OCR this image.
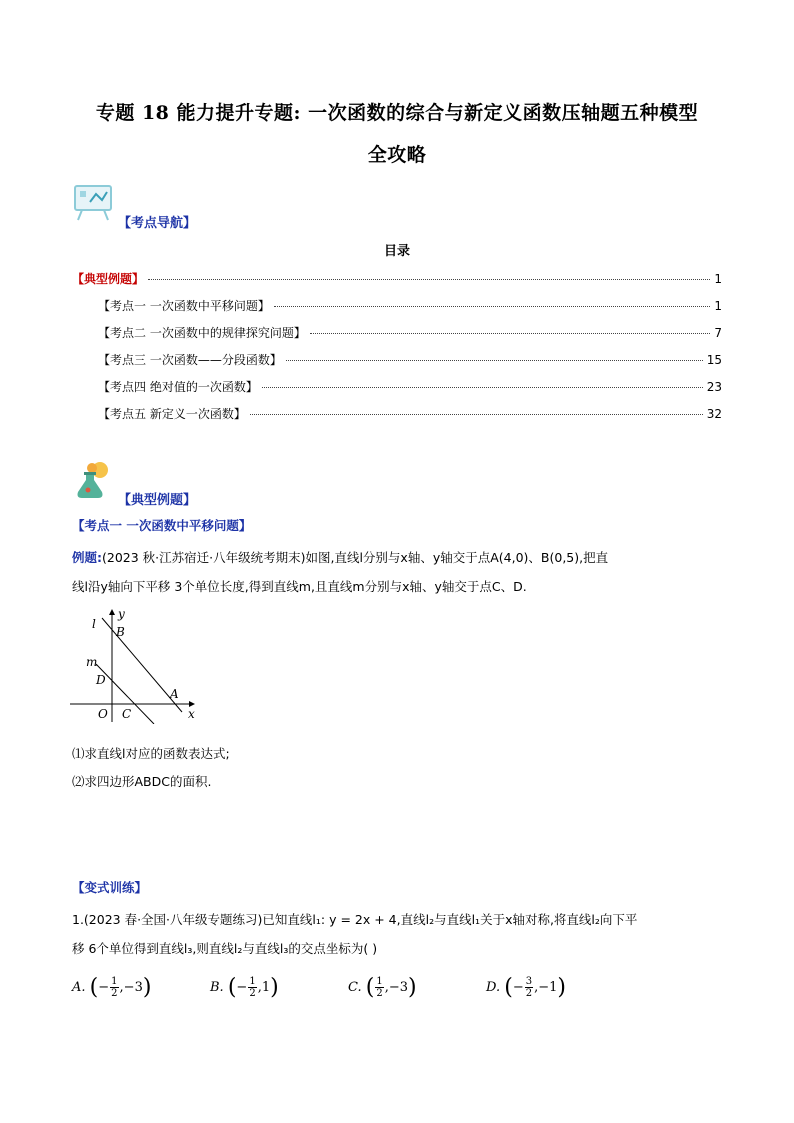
专题 18 能力提升专题: 一次函数的综合与新定义函数压轴题五种模型
全攻略
【考点导航】
目录
【典型例题】	1
【考点一 一次函数中平移问题】	1
【考点二 一次函数中的规律探究问题】	7
【考点三 一次函数——分段函数】	15
【考点四 绝对值的一次函数】	23
【考点五 新定义一次函数】	32
【典型例题】
【考点一 一次函数中平移问题】
例题:(2023 秋·江苏宿迁·八年级统考期末)如图,直线l分别与x轴、y轴交于点A(4,0)、B(0,5),把直
线l沿y轴向下平移 3个单位长度,得到直线m,且直线m分别与x轴、y轴交于点C、D.
y
x
O
l
m
B
D
A
C
⑴求直线l对应的函数表达式;
⑵求四边形ABDC的面积.
【变式训练】
1.(2023 春·全国·八年级专题练习)已知直线l₁: y = 2x + 4,直线l₂与直线l₁关于x轴对称,将直线l₂向下平
移 6个单位得到直线l₃,则直线l₂与直线l₃的交点坐标为( )
A. (− $\frac{1}{2} ,-3$)	B. (− $\frac{1}{2} ,1$)	C. ( $\frac{1}{2} ,-3$)	D. (− $\frac{3}{2} ,-1$)
